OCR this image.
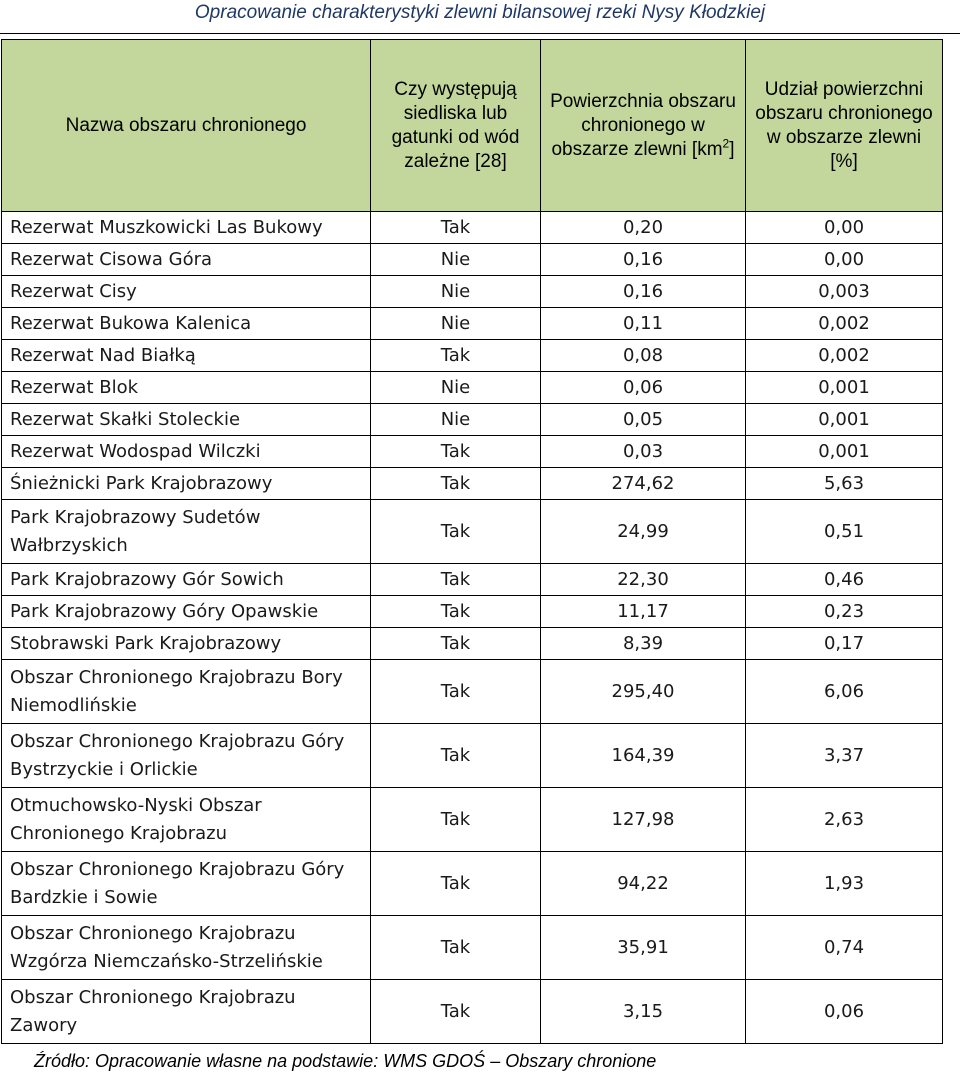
Opracowanie charakterystyki zlewni bilansowej rzeki Nysy Kłodzkiej
Nazwa obszaru chronionego	Czy występują siedliska lub gatunki od wód zależne [28]	Powierzchnia obszaru chronionego w obszarze zlewni $[km^2]$	Udział powierzchni obszaru chronionego w obszarze zlewni [%]
Rezerwat Muszkowicki Las Bukowy	Tak	0,20	0,00
Rezerwat Cisowa Góra	Nie	0,16	0,00
Rezerwat Cisy	Nie	0,16	0,003
Rezerwat Bukowa Kalenica	Nie	0,11	0,002
Rezerwat Nad Białką	Tak	0,08	0,002
Rezerwat Blok	Nie	0,06	0,001
Rezerwat Skałki Stoleckie	Nie	0,05	0,001
Rezerwat Wodospad Wilczki	Tak	0,03	0,001
Śnieżnicki Park Krajobrazowy	Tak	274,62	5,63
Park Krajobrazowy Sudetów Wałbrzyskich	Tak	24,99	0,51
Park Krajobrazowy Gór Sowich	Tak	22,30	0,46
Park Krajobrazowy Góry Opawskie	Tak	11,17	0,23
Stobrawski Park Krajobrazowy	Tak	8,39	0,17
Obszar Chronionego Krajobrazu Bory Niemodlińskie	Tak	295,40	6,06
Obszar Chronionego Krajobrazu Góry Bystrzyckie i Orlickie	Tak	164,39	3,37
Otmuchowsko-Nyski Obszar Chronionego Krajobrazu	Tak	127,98	2,63
Obszar Chronionego Krajobrazu Góry Bardzkie i Sowie	Tak	94,22	1,93
Obszar Chronionego Krajobrazu Wzgórza Niemczańsko-Strzelińskie	Tak	35,91	0,74
Obszar Chronionego Krajobrazu Zawory	Tak	3,15	0,06
Źródło: Opracowanie własne na podstawie: WMS GDOŚ – Obszary chronione
